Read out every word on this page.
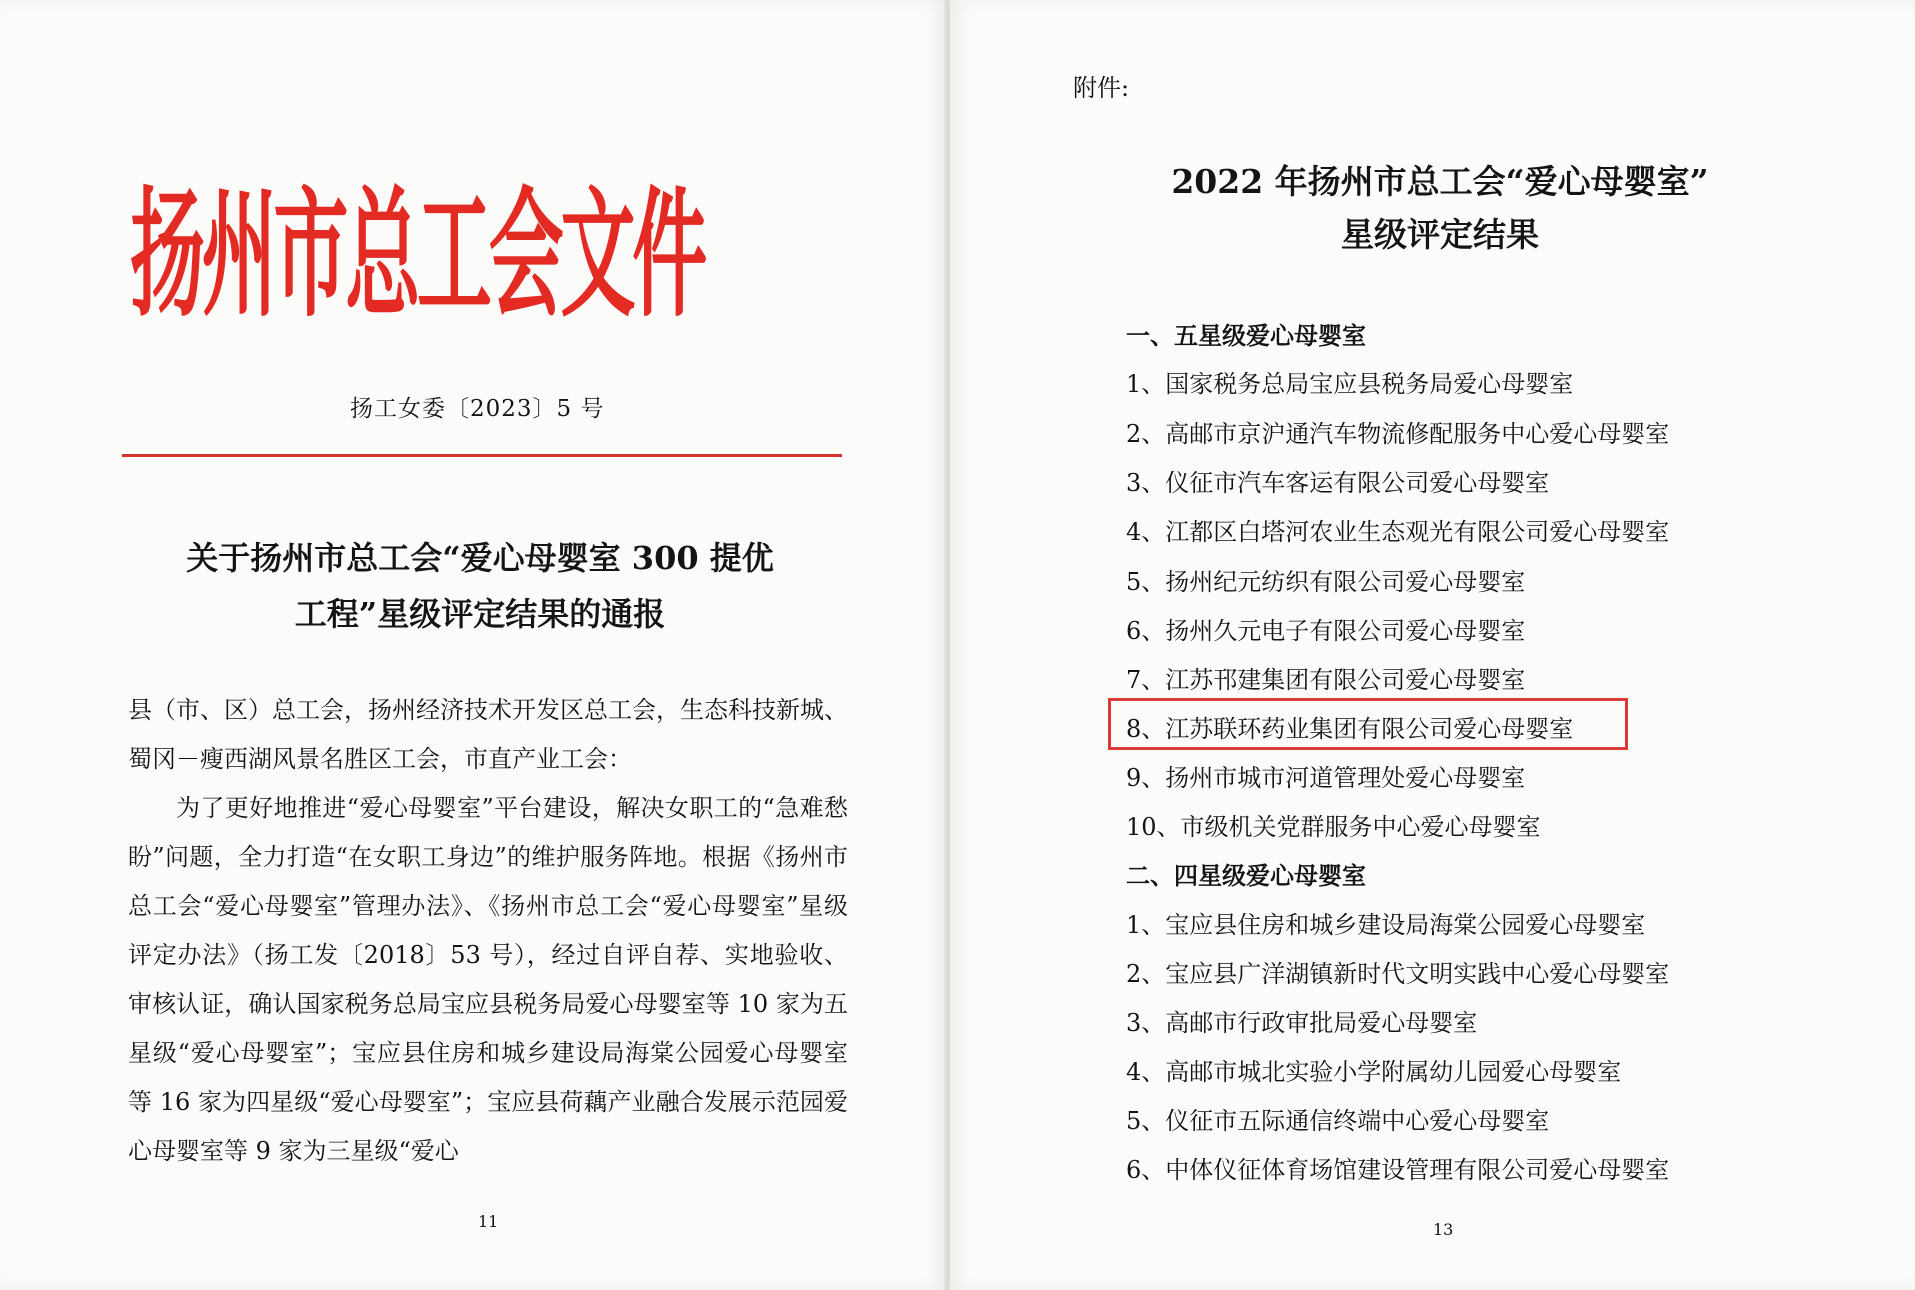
扬州市总工会文件
扬工女委〔2023〕5 号
关于扬州市总工会“爱心母婴室 300 提优
工程”星级评定结果的通报

县（市、区）总工会，扬州经济技术开发区总工会，生态科技新城、蜀冈－瘦西湖风景名胜区工会，市直产业工会：

为了更好地推进“爱心母婴室”平台建设，解决女职工的“急难愁盼”问题，全力打造“在女职工身边”的维护服务阵地。根据《扬州市总工会“爱心母婴室”管理办法》、《扬州市总工会“爱心母婴室”星级评定办法》（扬工发〔2018〕53 号），经过自评自荐、实地验收、审核认证，确认国家税务总局宝应县税务局爱心母婴室等 10 家为五星级“爱心母婴室”；宝应县住房和城乡建设局海棠公园爱心母婴室等 16 家为四星级“爱心母婴室”；宝应县荷藕产业融合发展示范园爱心母婴室等 9 家为三星级“爱心

11
附件:
2022 年扬州市总工会“爱心母婴室”
星级评定结果
一、五星级爱心母婴室
1、国家税务总局宝应县税务局爱心母婴室
2、高邮市京沪通汽车物流修配服务中心爱心母婴室
3、仪征市汽车客运有限公司爱心母婴室
4、江都区白塔河农业生态观光有限公司爱心母婴室
5、扬州纪元纺织有限公司爱心母婴室
6、扬州久元电子有限公司爱心母婴室
7、江苏邗建集团有限公司爱心母婴室
8、江苏联环药业集团有限公司爱心母婴室
9、扬州市城市河道管理处爱心母婴室
10、市级机关党群服务中心爱心母婴室
二、四星级爱心母婴室
1、宝应县住房和城乡建设局海棠公园爱心母婴室
2、宝应县广洋湖镇新时代文明实践中心爱心母婴室
3、高邮市行政审批局爱心母婴室
4、高邮市城北实验小学附属幼儿园爱心母婴室
5、仪征市五际通信终端中心爱心母婴室
6、中体仪征体育场馆建设管理有限公司爱心母婴室
13
